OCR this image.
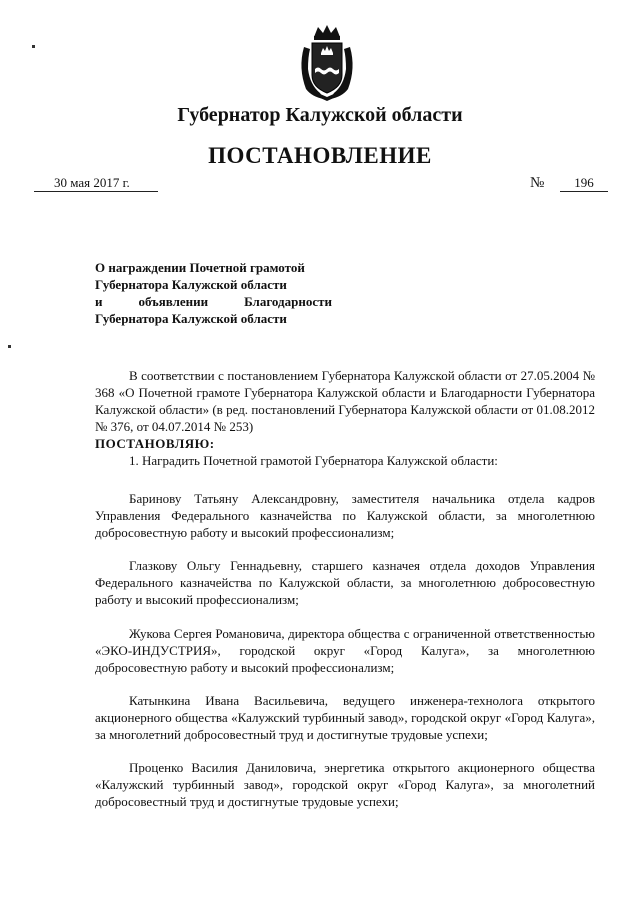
Губернатор Калужской области
ПОСТАНОВЛЕНИЕ
30 мая 2017 г.	№	196
О награждении Почетной грамотой
Губернатора Калужской области
и	объявлении	Благодарности
Губернатора Калужской области
В соответствии с постановлением Губернатора Калужской области от 27.05.2004 № 368 «О Почетной грамоте Губернатора Калужской области и Благодарности Губернатора Калужской области» (в ред. постановлений Губернатора Калужской области от 01.08.2012 № 376, от 04.07.2014 № 253)
ПОСТАНОВЛЯЮ:
1. Наградить Почетной грамотой Губернатора Калужской области:
Баринову Татьяну Александровну, заместителя начальника отдела кадров Управления Федерального казначейства по Калужской области, за многолетнюю добросовестную работу и высокий профессионализм;
Глазкову Ольгу Геннадьевну, старшего казначея отдела доходов Управления Федерального казначейства по Калужской области, за многолетнюю добросовестную работу и высокий профессионализм;
Жукова Сергея Романовича, директора общества с ограниченной ответственностью «ЭКО-ИНДУСТРИЯ», городской округ «Город Калуга», за многолетнюю добросовестную работу и высокий профессионализм;
Катынкина Ивана Васильевича, ведущего инженера-технолога открытого акционерного общества «Калужский турбинный завод», городской округ «Город Калуга», за многолетний добросовестный труд и достигнутые трудовые успехи;
Проценко Василия Даниловича, энергетика открытого акционерного общества «Калужский турбинный завод», городской округ «Город Калуга», за многолетний добросовестный труд и достигнутые трудовые успехи;
